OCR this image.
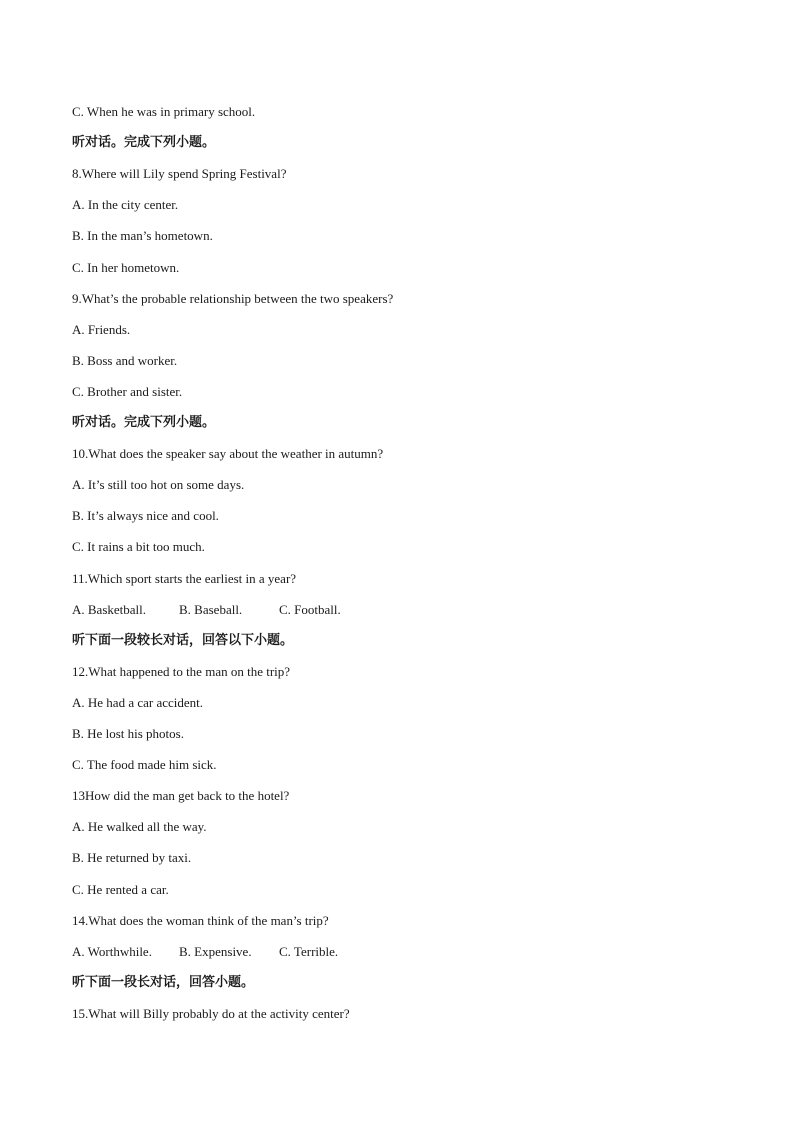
C. When he was in primary school.
听对话。完成下列小题。
8.Where will Lily spend Spring Festival?
A. In the city center.
B. In the man’s hometown.
C. In her hometown.
9.What’s the probable relationship between the two speakers?
A. Friends.
B. Boss and worker.
C. Brother and sister.
听对话。完成下列小题。
10.What does the speaker say about the weather in autumn?
A. It’s still too hot on some days.
B. It’s always nice and cool.
C. It rains a bit too much.
11.Which sport starts the earliest in a year?
A. Basketball.	B. Baseball.	C. Football.
听下面一段较长对话，回答以下小题。
12.What happened to the man on the trip?
A. He had a car accident.
B. He lost his photos.
C. The food made him sick.
13How did the man get back to the hotel?
A. He walked all the way.
B. He returned by taxi.
C. He rented a car.
14.What does the woman think of the man’s trip?
A. Worthwhile. B. Expensive. C. Terrible.
听下面一段长对话，回答小题。
15.What will Billy probably do at the activity center?
